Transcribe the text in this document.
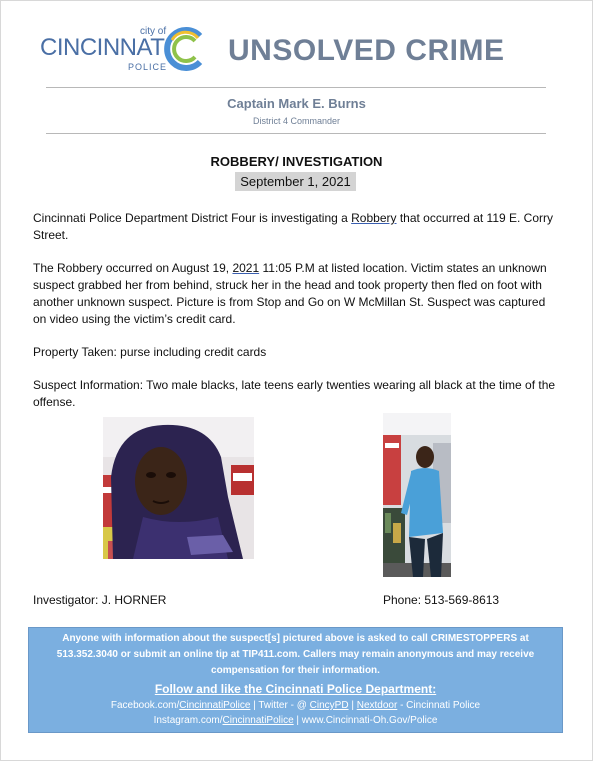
city of
CINCINNATI
POLICE UNSOLVED CRIME
Captain Mark E. Burns
District 4 Commander
ROBBERY/ INVESTIGATION
September 1, 2021

Cincinnati Police Department District Four is investigating a Robbery that occurred at 119 E. Corry Street.

The Robbery occurred on August 19, 2021 11:05 P.M at listed location. Victim states an unknown suspect grabbed her from behind, struck her in the head and took property then fled on foot with another unknown suspect. Picture is from Stop and Go on W McMillan St. Suspect was captured on video using the victim’s credit card.

Property Taken: purse including credit cards

Suspect Information: Two male blacks, late teens early twenties wearing all black at the time of the offense.

Investigator: J. HORNER	Phone: 513-569-8613
Anyone with information about the suspect[s] pictured above is asked to call CRIMESTOPPERS at 513.352.3040 or submit an online tip at TIP411.com. Callers may remain anonymous and may receive compensation for their information.
Follow and like the Cincinnati Police Department:
Facebook.com/CincinnatiPolice | Twitter - @ CincyPD | Nextdoor - Cincinnati Police
Instagram.com/CincinnatiPolice | www.Cincinnati-Oh.Gov/Police
